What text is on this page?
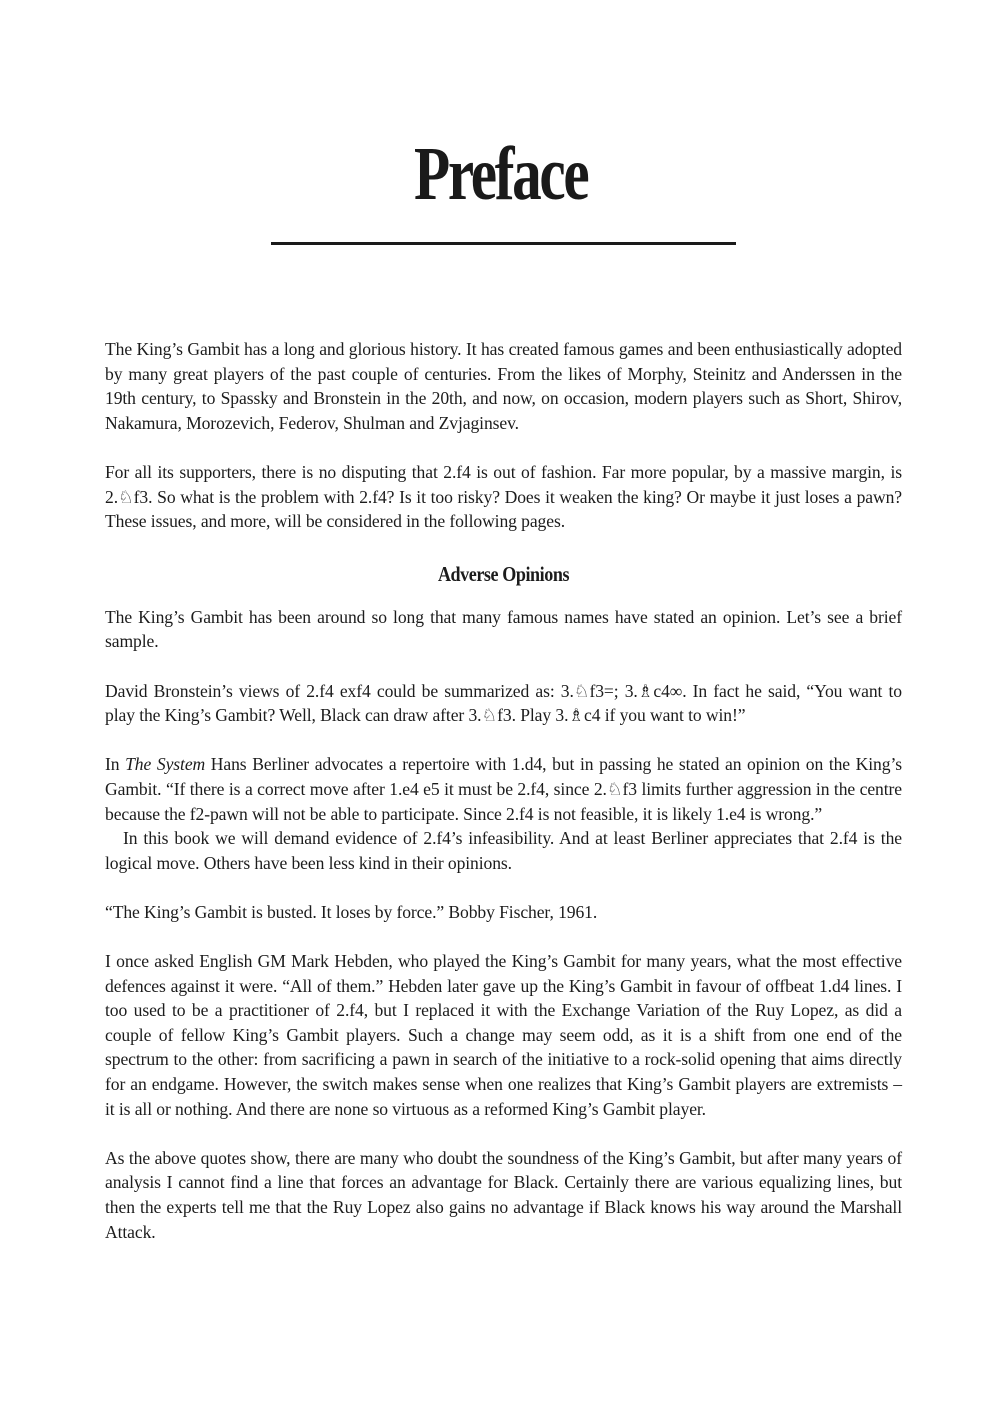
Preface

The King’s Gambit has a long and glorious history. It has created famous games and been enthusiastically adopted by many great players of the past couple of centuries. From the likes of Morphy, Steinitz and Anderssen in the 19th century, to Spassky and Bronstein in the 20th, and now, on occasion, modern players such as Short, Shirov, Nakamura, Morozevich, Federov, Shulman and Zvjaginsev.

For all its supporters, there is no disputing that 2.f4 is out of fashion. Far more popular, by a massive margin, is 2.♘f3. So what is the problem with 2.f4? Is it too risky? Does it weaken the king? Or maybe it just loses a pawn? These issues, and more, will be considered in the following pages.

Adverse Opinions

The King’s Gambit has been around so long that many famous names have stated an opinion. Let’s see a brief sample.

David Bronstein’s views of 2.f4 exf4 could be summarized as: 3.♘f3=; 3.♗c4∞. In fact he said, “You want to play the King’s Gambit? Well, Black can draw after 3.♘f3. Play 3.♗c4 if you want to win!”

In The System Hans Berliner advocates a repertoire with 1.d4, but in passing he stated an opinion on the King’s Gambit. “If there is a correct move after 1.e4 e5 it must be 2.f4, since 2.♘f3 limits further aggression in the centre because the f2-pawn will not be able to participate. Since 2.f4 is not feasible, it is likely 1.e4 is wrong.”

In this book we will demand evidence of 2.f4’s infeasibility. And at least Berliner appreciates that 2.f4 is the logical move. Others have been less kind in their opinions.

“The King’s Gambit is busted. It loses by force.” Bobby Fischer, 1961.

I once asked English GM Mark Hebden, who played the King’s Gambit for many years, what the most effective defences against it were. “All of them.” Hebden later gave up the King’s Gambit in favour of offbeat 1.d4 lines. I too used to be a practitioner of 2.f4, but I replaced it with the Exchange Variation of the Ruy Lopez, as did a couple of fellow King’s Gambit players. Such a change may seem odd, as it is a shift from one end of the spectrum to the other: from sacrificing a pawn in search of the initiative to a rock-solid opening that aims directly for an endgame. However, the switch makes sense when one realizes that King’s Gambit players are extremists – it is all or nothing. And there are none so virtuous as a reformed King’s Gambit player.

As the above quotes show, there are many who doubt the soundness of the King’s Gambit, but after many years of analysis I cannot find a line that forces an advantage for Black. Certainly there are various equalizing lines, but then the experts tell me that the Ruy Lopez also gains no advantage if Black knows his way around the Marshall Attack.
